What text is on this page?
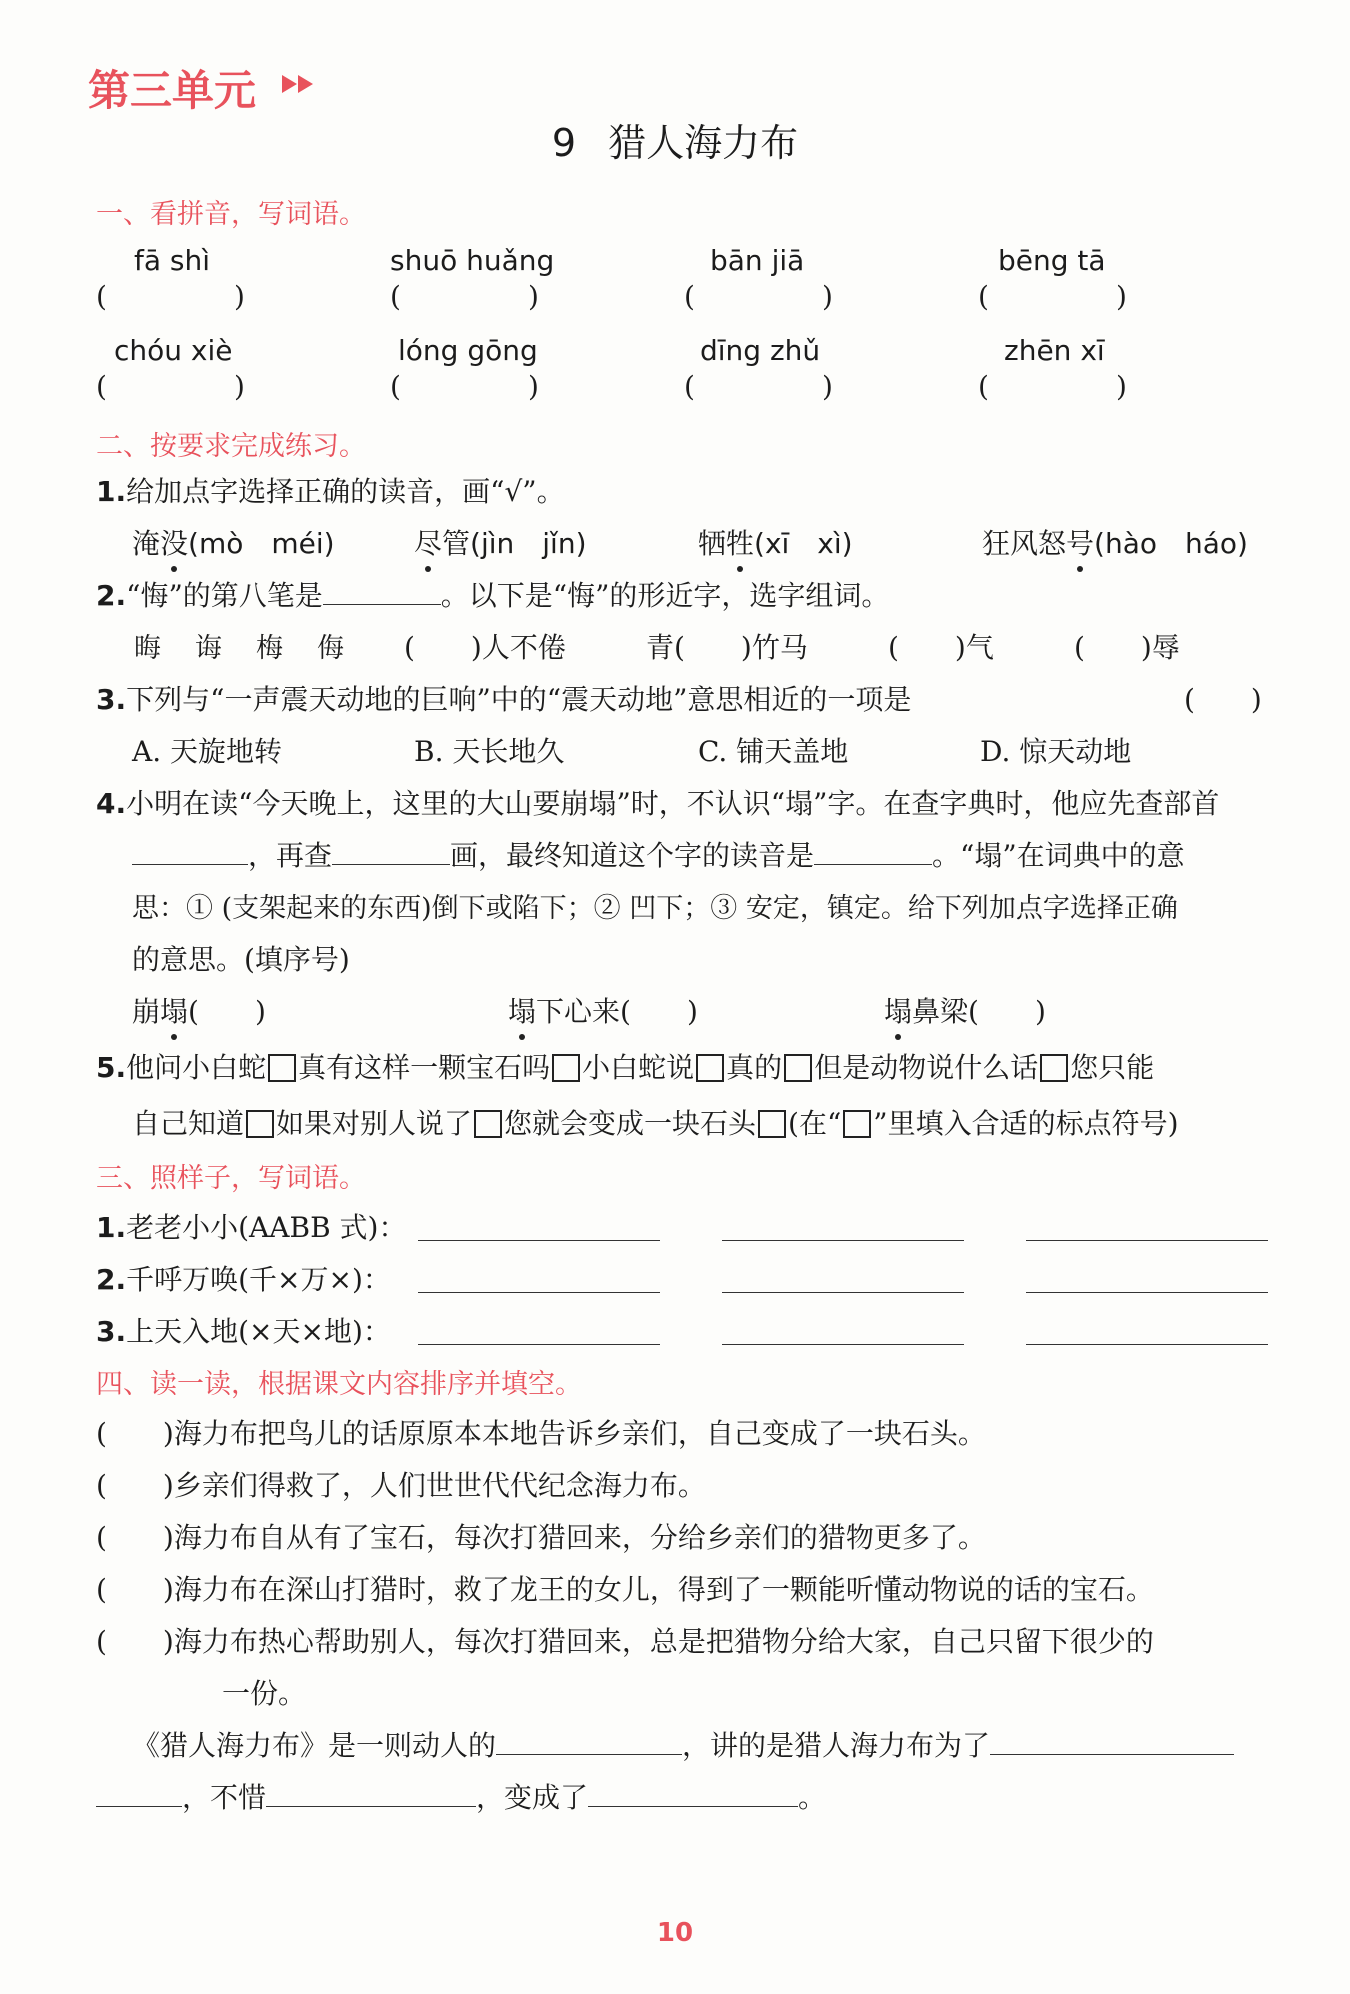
第三单元
9 猎人海力布
一、看拼音，写词语。
fā shì	shuō huǎng	bān jiā	bēng tā
(	)	(	)	(	)	(	)
chóu xiè	lóng gōng	dīng zhǔ	zhēn xī
(	)	(	)	(	)	(	)
二、按要求完成练习。
1.给加点字选择正确的读音，画“√”。
淹没(mò　méi)	尽管(jìn　jǐn)	牺牲(xī　xì)	狂风怒号(hào　háo)
2.“悔”的第八笔是	。以下是“悔”的形近字，选字组词。
晦 诲 梅 侮 (　　)人不倦	青(　　)竹马	(　　)气	(　　)辱
3.下列与“一声震天动地的巨响”中的“震天动地”意思相近的一项是	(　　)
A. 天旋地转	B. 天长地久	C. 铺天盖地	D. 惊天动地
4.小明在读“今天晚上，这里的大山要崩塌”时，不认识“塌”字。在查字典时，他应先查部首
，再查	画，最终知道这个字的读音是	。“塌”在词典中的意
思：① (支架起来的东西)倒下或陷下；② 凹下；③ 安定，镇定。给下列加点字选择正确
的意思。(填序号)
崩塌(　　)	塌下心来(　　)	塌鼻梁(　　)
5.他问小白蛇 真有这样一颗宝石吗 小白蛇说 真的 但是动物说什么话 您只能
自己知道 如果对别人说了 您就会变成一块石头 (在“ ”里填入合适的标点符号)
三、照样子，写词语。
1.老老小小(AABB 式)：
2.千呼万唤(千×万×)：
3.上天入地(×天×地)：
四、读一读，根据课文内容排序并填空。
(　　)海力布把鸟儿的话原原本本地告诉乡亲们，自己变成了一块石头。
(　　)乡亲们得救了，人们世世代代纪念海力布。
(　　)海力布自从有了宝石，每次打猎回来，分给乡亲们的猎物更多了。
(　　)海力布在深山打猎时，救了龙王的女儿，得到了一颗能听懂动物说的话的宝石。
(　　)海力布热心帮助别人，每次打猎回来，总是把猎物分给大家，自己只留下很少的
一份。
《猎人海力布》是一则动人的	，讲的是猎人海力布为了
，不惜	，变成了	。
10
